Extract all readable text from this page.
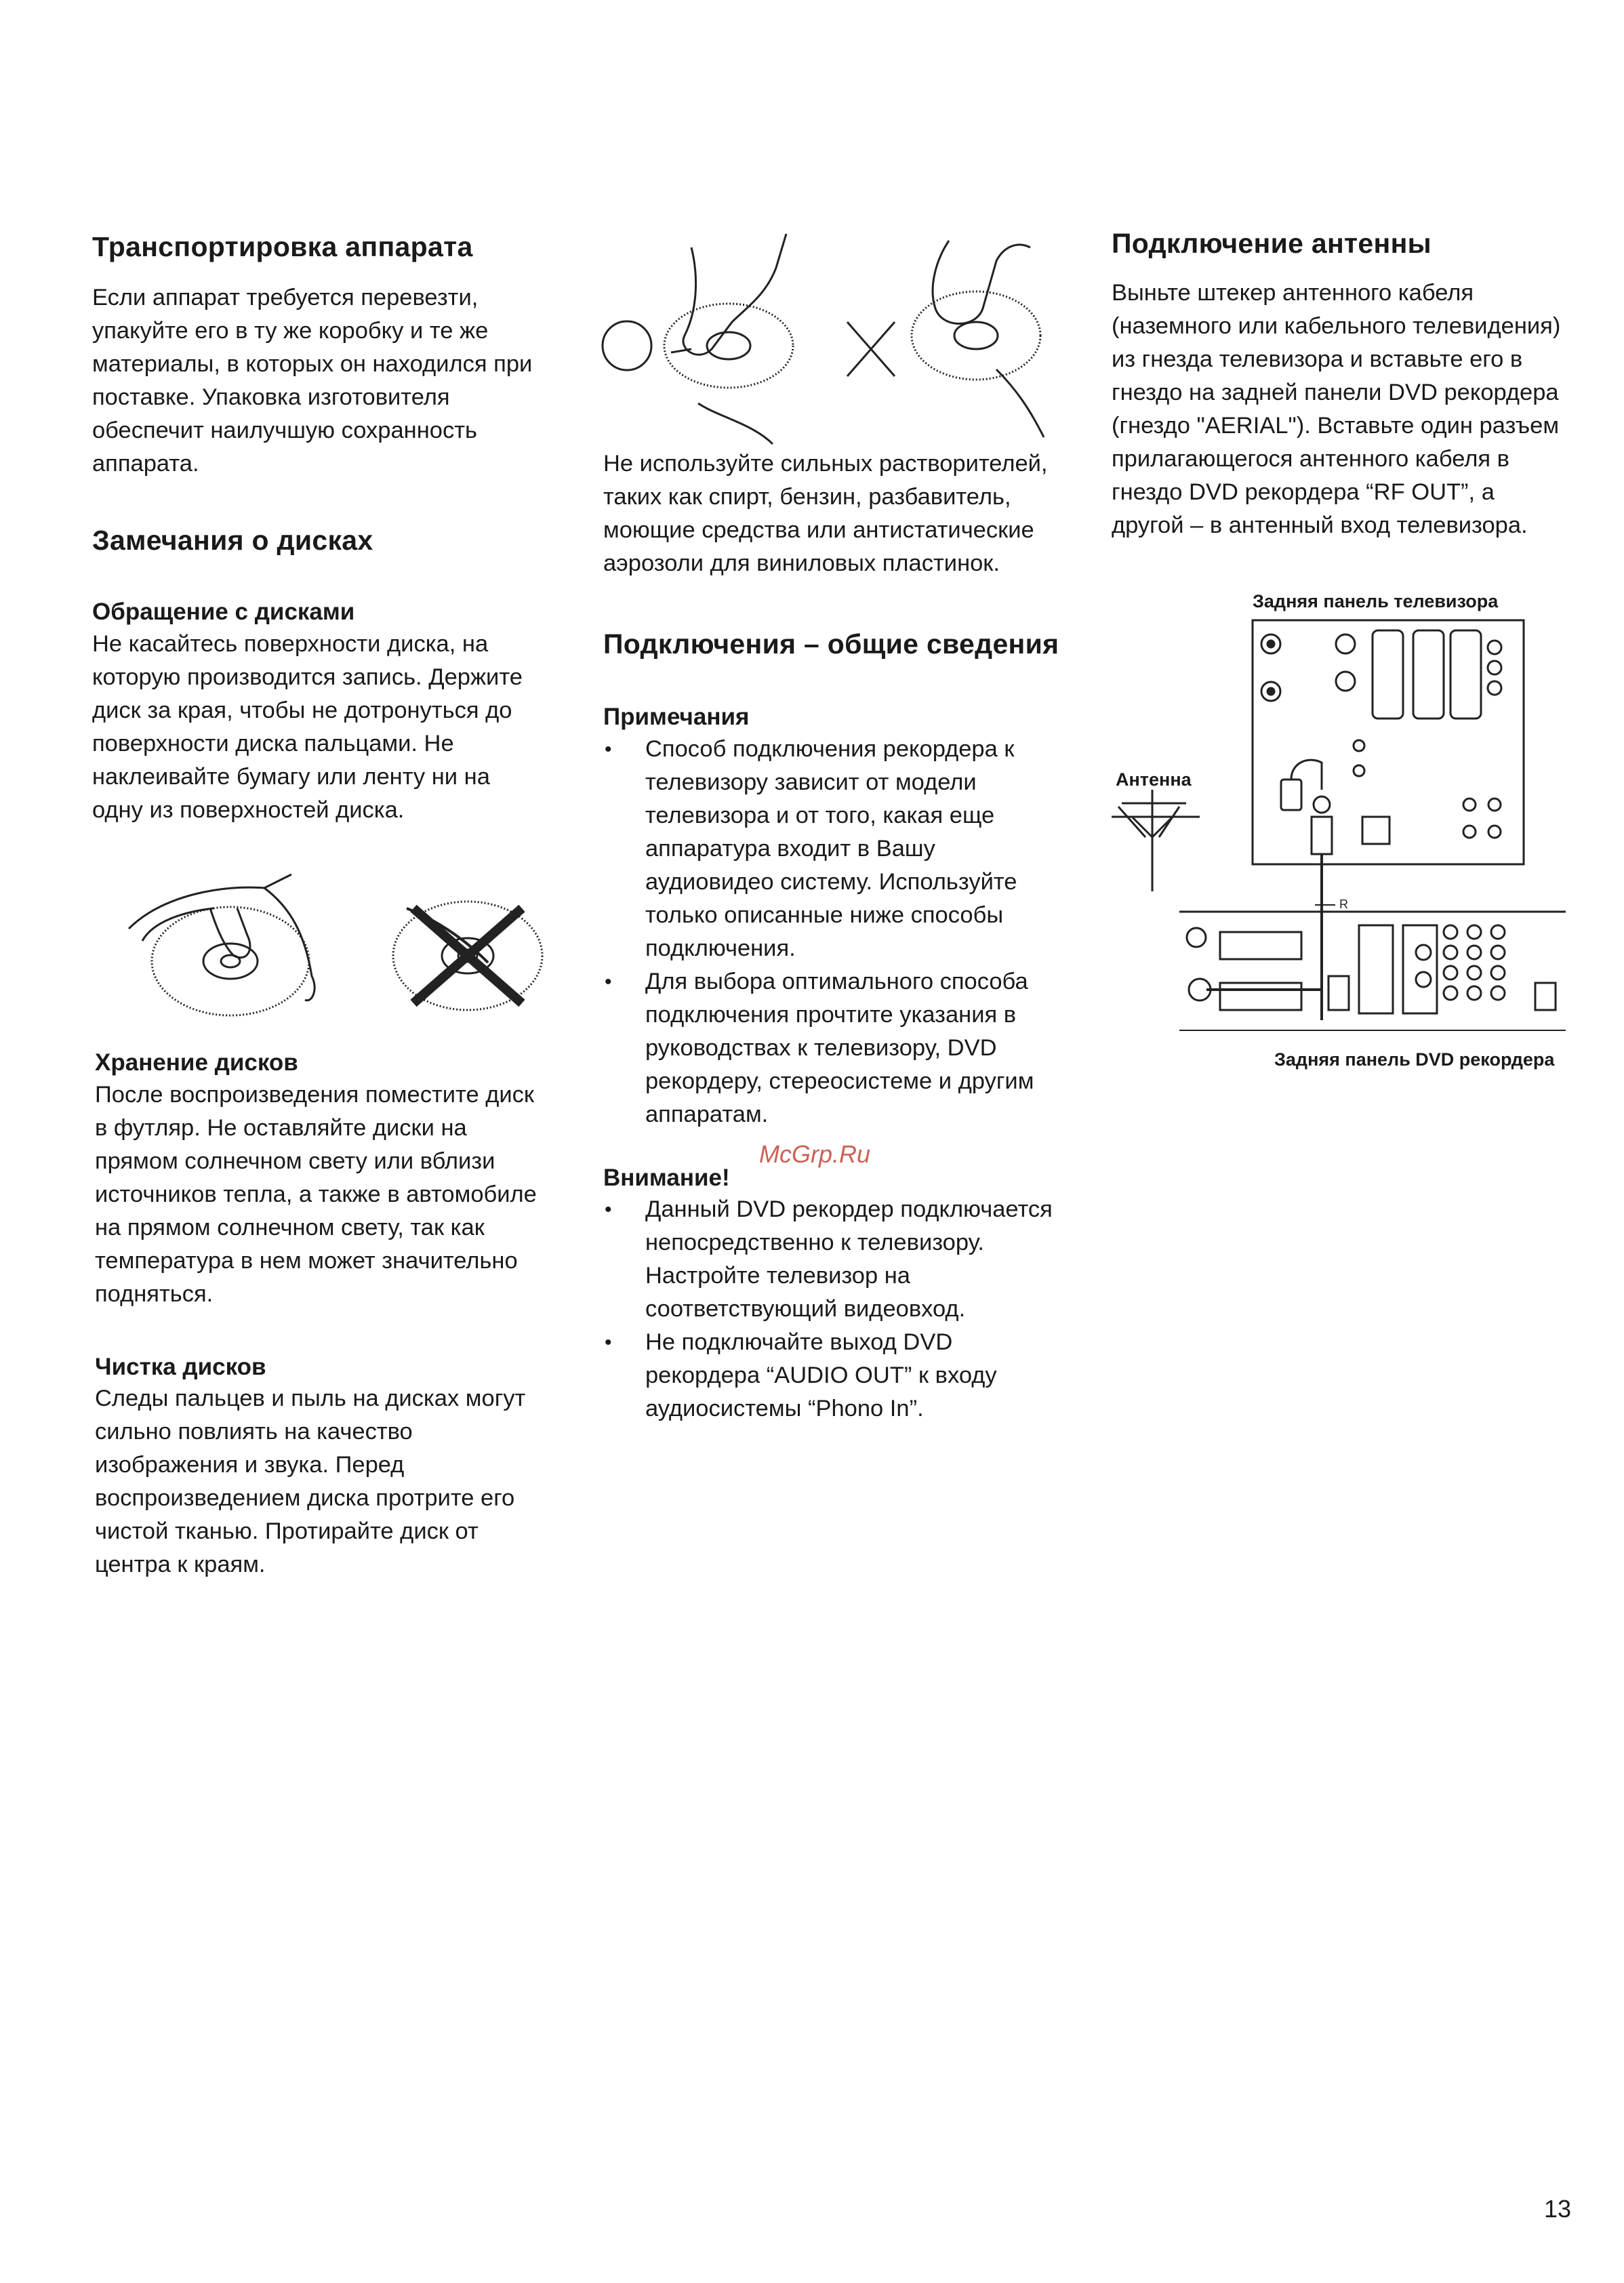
Транспортировка аппарата

Если аппарат требуется перевезти, упакуйте его в ту же коробку и те же материалы, в которых он находился при поставке. Упаковка изготовителя обеспечит наилучшую сохранность аппарата.

Замечания о дисках
Обращение с дисками

Не касайтесь поверхности диска, на которую производится запись. Держите диск за края, чтобы не дотронуться до поверхности диска пальцами. Не наклеивайте бумагу или ленту ни на одну из поверхностей диска.

Хранение дисков

После воспроизведения поместите диск в футляр. Не оставляйте диски на прямом солнечном свету или вблизи источников тепла, а также в автомобиле на прямом солнечном свету, так как температура в нем может значительно подняться.

Чистка дисков

Следы пальцев и пыль на дисках могут сильно повлиять на качество изображения и звука. Перед воспроизведением диска протрите его чистой тканью. Протирайте диск от центра к краям.

Не используйте сильных растворителей, таких как спирт, бензин, разбавитель, моющие средства или антистатические аэрозоли для виниловых пластинок.

Подключения – общие сведения
Примечания
• Способ подключения рекордера к телевизору зависит от модели телевизора и от того, какая еще аппаратура входит в Вашу аудиовидео систему. Используйте только описанные ниже способы подключения.
• Для выбора оптимального способа подключения прочтите указания в руководствах к телевизору, DVD рекордеру, стереосистеме и другим аппаратам.
Внимание!
• Данный DVD рекордер подключается непосредственно к телевизору. Настройте телевизор на соответствующий видеовход.
• Не подключайте выход DVD рекордера “AUDIO OUT” к входу аудиосистемы “Phono In”.
Подключение антенны

Выньте штекер антенного кабеля (наземного или кабельного телевидения) из гнезда телевизора и вставьте его в гнездо на задней панели DVD рекордера (гнездо "AERIAL"). Вставьте один разъем прилагающегося антенного кабеля в гнездо DVD рекордера “RF OUT”, а другой – в антенный вход телевизора.

Задняя панель телевизора
Антенна
Задняя панель DVD рекордера
R
McGrp.Ru
13
